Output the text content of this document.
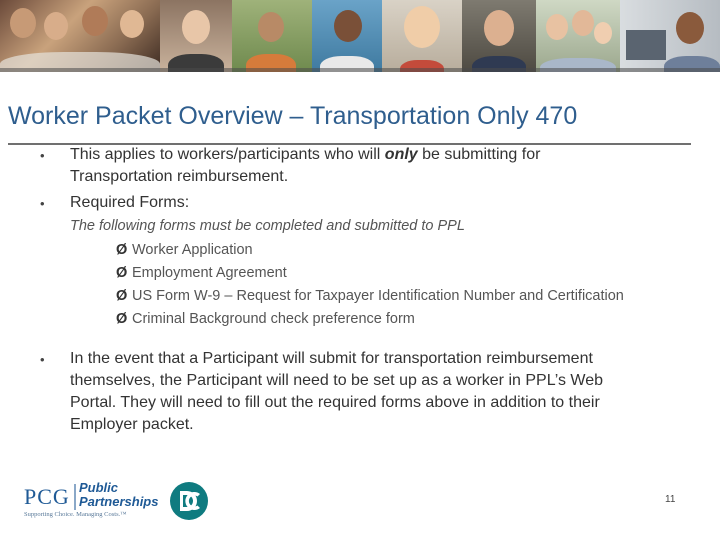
Worker Packet Overview – Transportation Only 470
• This applies to workers/participants who will only be submitting for
Transportation reimbursement.
• Required Forms:
The following forms must be completed and submitted to PPL
Ø Worker Application
Ø Employment Agreement
Ø US Form W-9 – Request for Taxpayer Identification Number and Certification
Ø Criminal Background check preference form
• In the event that a Participant will submit for transportation reimbursement
themselves, the Participant will need to be set up as a worker in PPL’s Web
Portal. They will need to fill out the required forms above in addition to their
Employer packet.
PCG Public
Partnerships
Supporting Choice. Managing Costs.™
11
